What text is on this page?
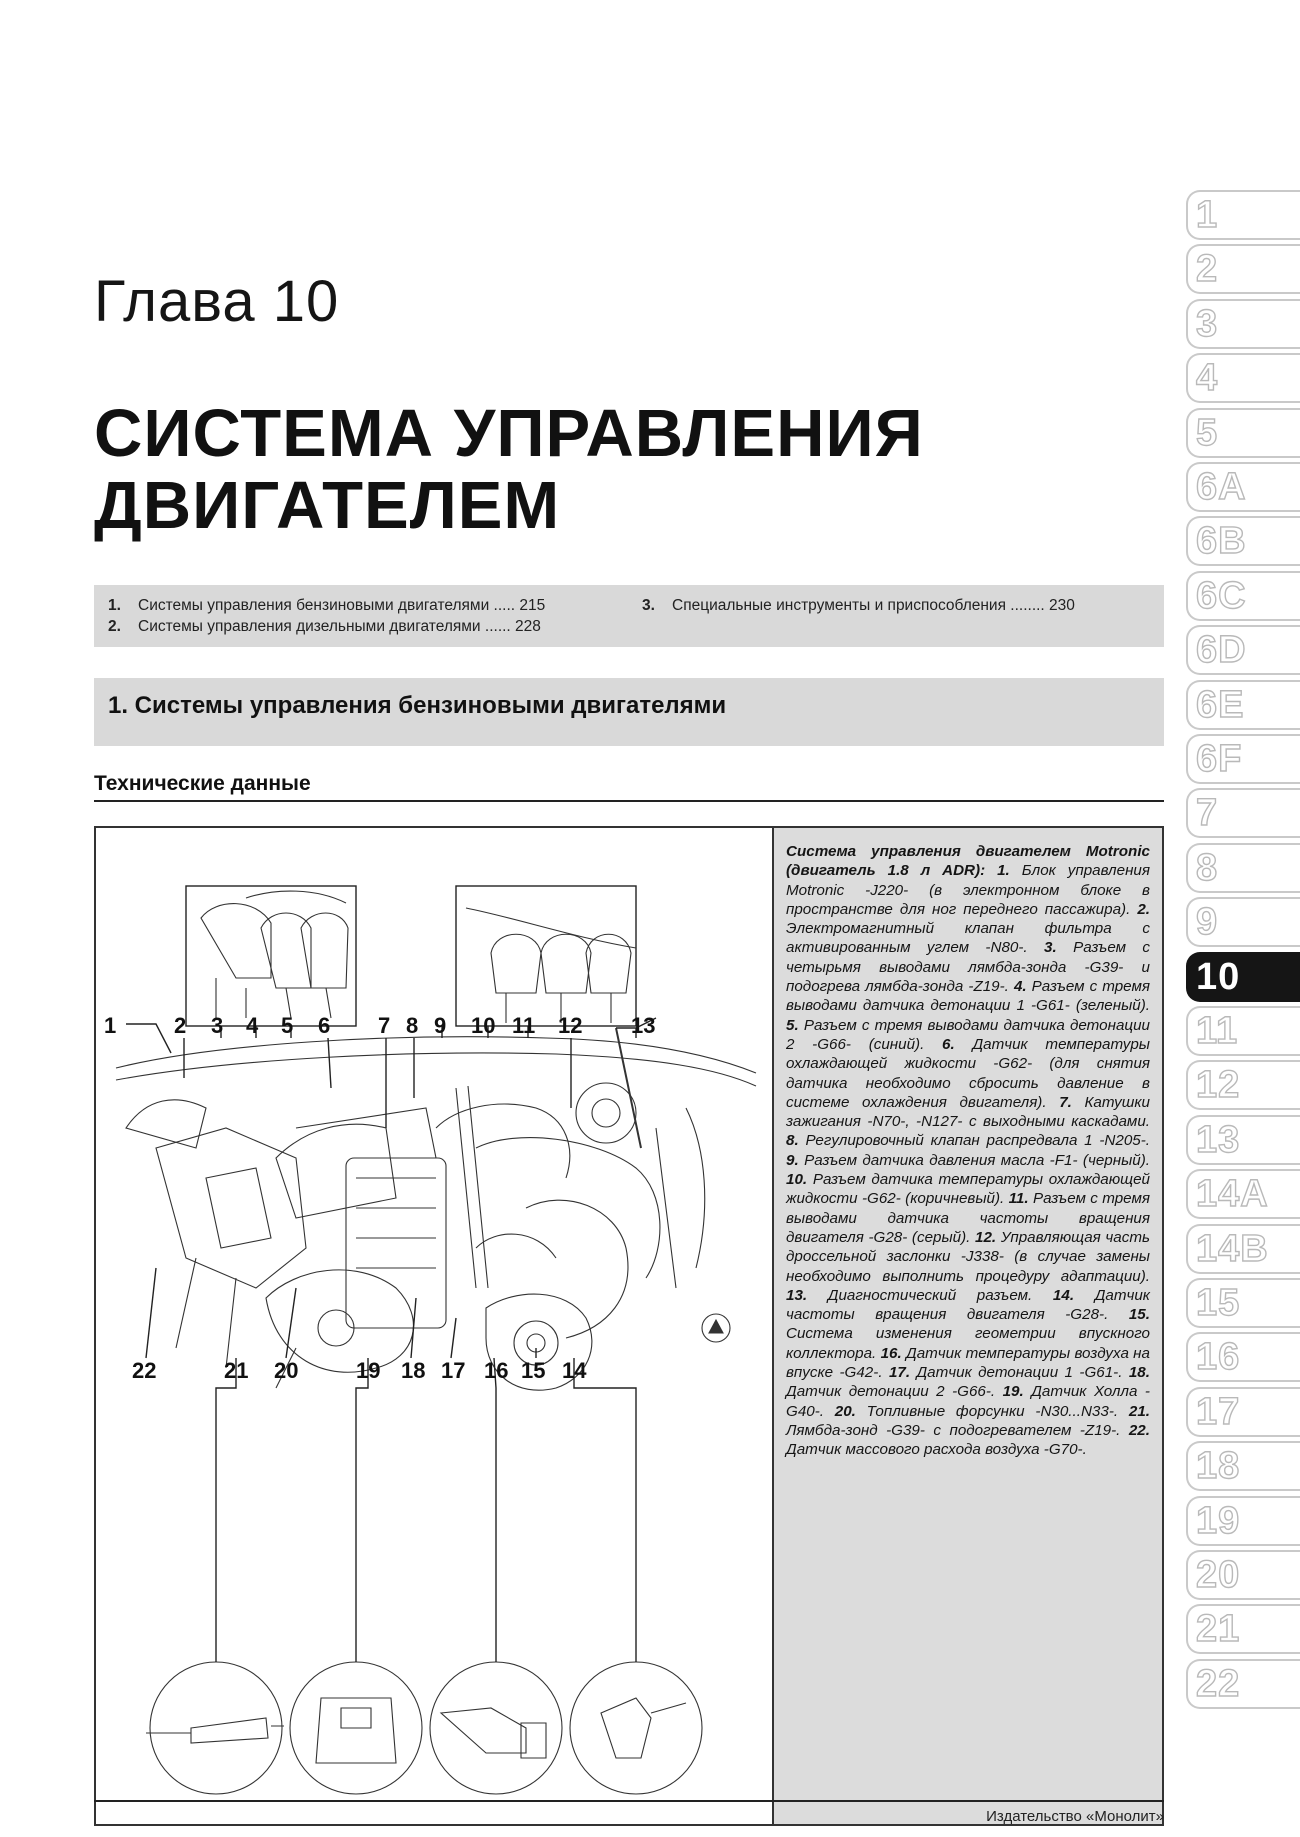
Глава 10
СИСТЕМА УПРАВЛЕНИЯ
ДВИГАТЕЛЕМ
1. Системы управления бензиновыми двигателями ..... 215
2. Системы управления дизельными двигателями ...... 228
3. Специальные инструменты и приспособления ........ 230
1. Системы управления бензиновыми двигателями
Технические данные
1	2 3 4 5 6 7 8 9 10 11 12 13
14
15
16
17
18
19
20
21
22
Система управления двигателем Motronic (двигатель 1.8 л ADR): 1. Блок управления Motronic -J220- (в электронном блоке в пространстве для ног переднего пассажира). 2. Электромагнитный клапан фильтра с активированным углем -N80-. 3. Разъем с четырьмя выводами лямбда-зонда -G39- и подогрева лямбда-зонда -Z19-. 4. Разъем с тремя выводами датчика детонации 1 -G61- (зеленый). 5. Разъем с тремя выводами датчика детонации 2 -G66- (синий). 6. Датчик температуры охлаждающей жидкости -G62- (для снятия датчика необходимо сбросить давление в системе охлаждения двигателя). 7. Катушки зажигания -N70-, -N127- с выходными каскадами. 8. Регулировочный клапан распредвала 1 -N205-. 9. Разъем датчика давления масла -F1- (черный). 10. Разъем датчика температуры охлаждающей жидкости -G62- (коричневый). 11. Разъем с тремя выводами датчика частоты вращения двигателя -G28- (серый). 12. Управляющая часть дроссельной заслонки -J338- (в случае замены необходимо выполнить процедуру адаптации). 13. Диагностический разъем. 14. Датчик частоты вращения двигателя -G28-. 15. Система изменения геометрии впускного коллектора. 16. Датчик температуры воздуха на впуске -G42-. 17. Датчик детонации 1 -G61-. 18. Датчик детонации 2 -G66-. 19. Датчик Холла -G40-. 20. Топливные форсунки -N30...N33-. 21. Лямбда-зонд -G39- с подогревателем -Z19-. 22. Датчик массового расхода воздуха -G70-.
Издательство «Монолит»
1
2
3
4
5
6A
6B
6C
6D
6E
6F
7
8
9
10
11
12
13
14A
14B
15
16
17
18
19
20
21
22
